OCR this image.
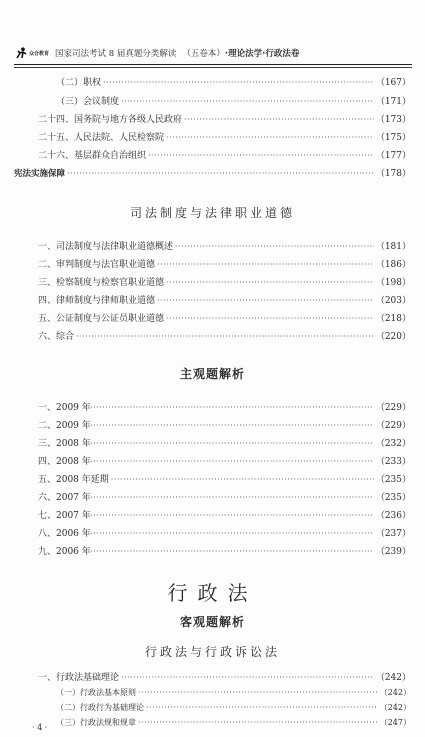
众合教育 国家司法考试 8 届真题分类解读 （五卷本） ·理论法学·行政法卷
（二）职权 ·····	（167）
（三）会议制度 ·····	（171）
二十四、国务院与地方各级人民政府 ·····	（173）
二十五、人民法院、人民检察院 ·····	（175）
二十六、基层群众自治组织 ·····	（177）
宪法实施保障 ·····	（178）
司法制度与法律职业道德
一、司法制度与法律职业道德概述 ·····	（181）
二、审判制度与法官职业道德 ·····	（186）
三、检察制度与检察官职业道德 ·····	（198）
四、律师制度与律师职业道德 ·····	（203）
五、公证制度与公证员职业道德 ·····	（218）
六、综合 ·····	（220）
主观题解析
一、2009 年 ·····	（229）
二、2009 年 ·····	（229）
三、2008 年 ·····	（232）
四、2008 年 ·····	（233）
五、2008 年延期 ·····	（235）
六、2007 年 ·····	（235）
七、2007 年 ·····	（236）
八、2006 年 ·····	（237）
九、2006 年 ·····	（239）
行政法
客观题解析
行政法与行政诉讼法
一、行政法基础理论 ·····	（242）
（一）行政法基本原则 ·····	（242）
（二）行政行为基础理论 ·····	（242）
（三）行政法规和规章 ·····	（247）
· 4 ·
